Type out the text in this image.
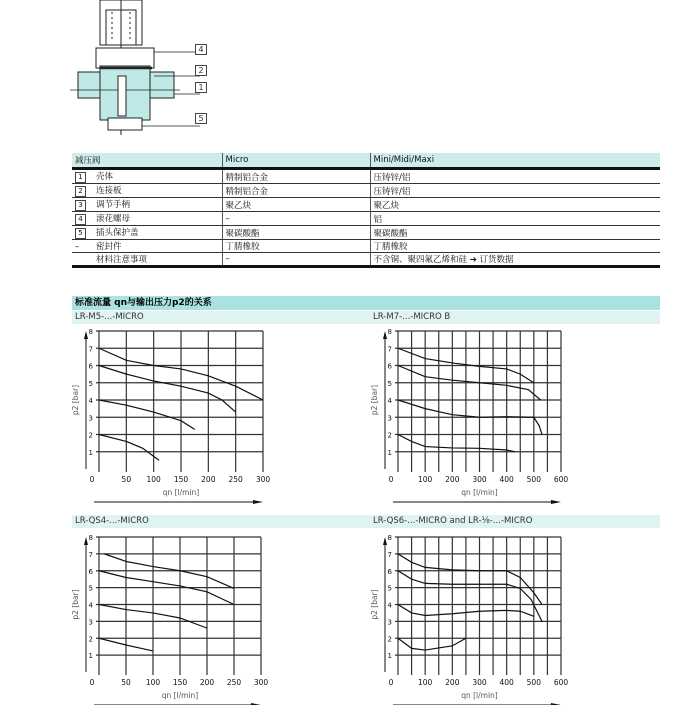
4
2
1
5
减压阀	Micro	Mini/Midi/Maxi
1 壳体	精制铝合金	压铸锌/铝
2 连接板	精制铝合金	压铸锌/铝
3 调节手柄	聚乙炔	聚乙炔
4 滚花螺母	–	铝
5 插头保护盖	聚碳酸酯	聚碳酸酯
– 密封件	丁腈橡胶	丁腈橡胶
材料注意事项	–	不含铜、聚四氟乙烯和硅 ➔ 订货数据
标准流量 qn与输出压力p2的关系
LR-M5-...-MICRO	LR-M7-...-MICRO B
LR-QS4-...-MICRO	LR-QS6-...-MICRO and LR-⅛-...-MICRO
1
2
3
4
5
6
7
8
0	50 100 150 200 250 300
qn [l/min]
p2 [bar]
1
2
3
4
5
6
7
8
0	100 200 300 400 500 600
qn [l/min]
p2 [bar]
1
2
3
4
5
6
7
8
0	50 100 150 200 250 300
qn [l/min]
p2 [bar]
1
2
3
4
5
6
7
8
0	100 200 300 400 500 600
qn [l/min]
p2 [bar]
